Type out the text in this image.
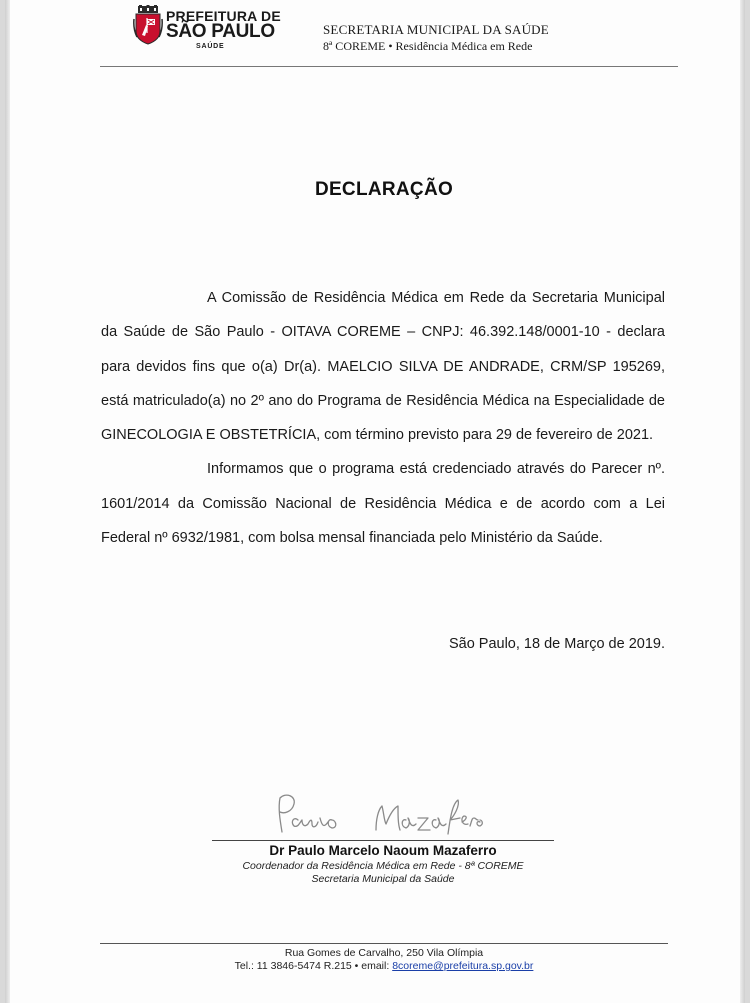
PREFEITURA DE
SÃO PAULO
SAÚDE
SECRETARIA MUNICIPAL DA SAÚDE
8ª COREME • Residência Médica em Rede
DECLARAÇÃO

A Comissão de Residência Médica em Rede da Secretaria Municipal da Saúde de São Paulo - OITAVA COREME – CNPJ: 46.392.148/0001-10 - declara para devidos fins que o(a) Dr(a). MAELCIO SILVA DE ANDRADE, CRM/SP 195269, está matriculado(a) no 2º ano do Programa de Residência Médica na Especialidade de GINECOLOGIA E OBSTETRÍCIA, com término previsto para 29 de fevereiro de 2021.

Informamos que o programa está credenciado através do Parecer nº. 1601/2014 da Comissão Nacional de Residência Médica e de acordo com a Lei Federal nº 6932/1981, com bolsa mensal financiada pelo Ministério da Saúde.

São Paulo, 18 de Março de 2019.
Dr Paulo Marcelo Naoum Mazaferro
Coordenador da Residência Médica em Rede - 8ª COREME
Secretaria Municipal da Saúde
Rua Gomes de Carvalho, 250 Vila Olímpia
Tel.: 11 3846-5474 R.215 • email: 8coreme@prefeitura.sp.gov.br
